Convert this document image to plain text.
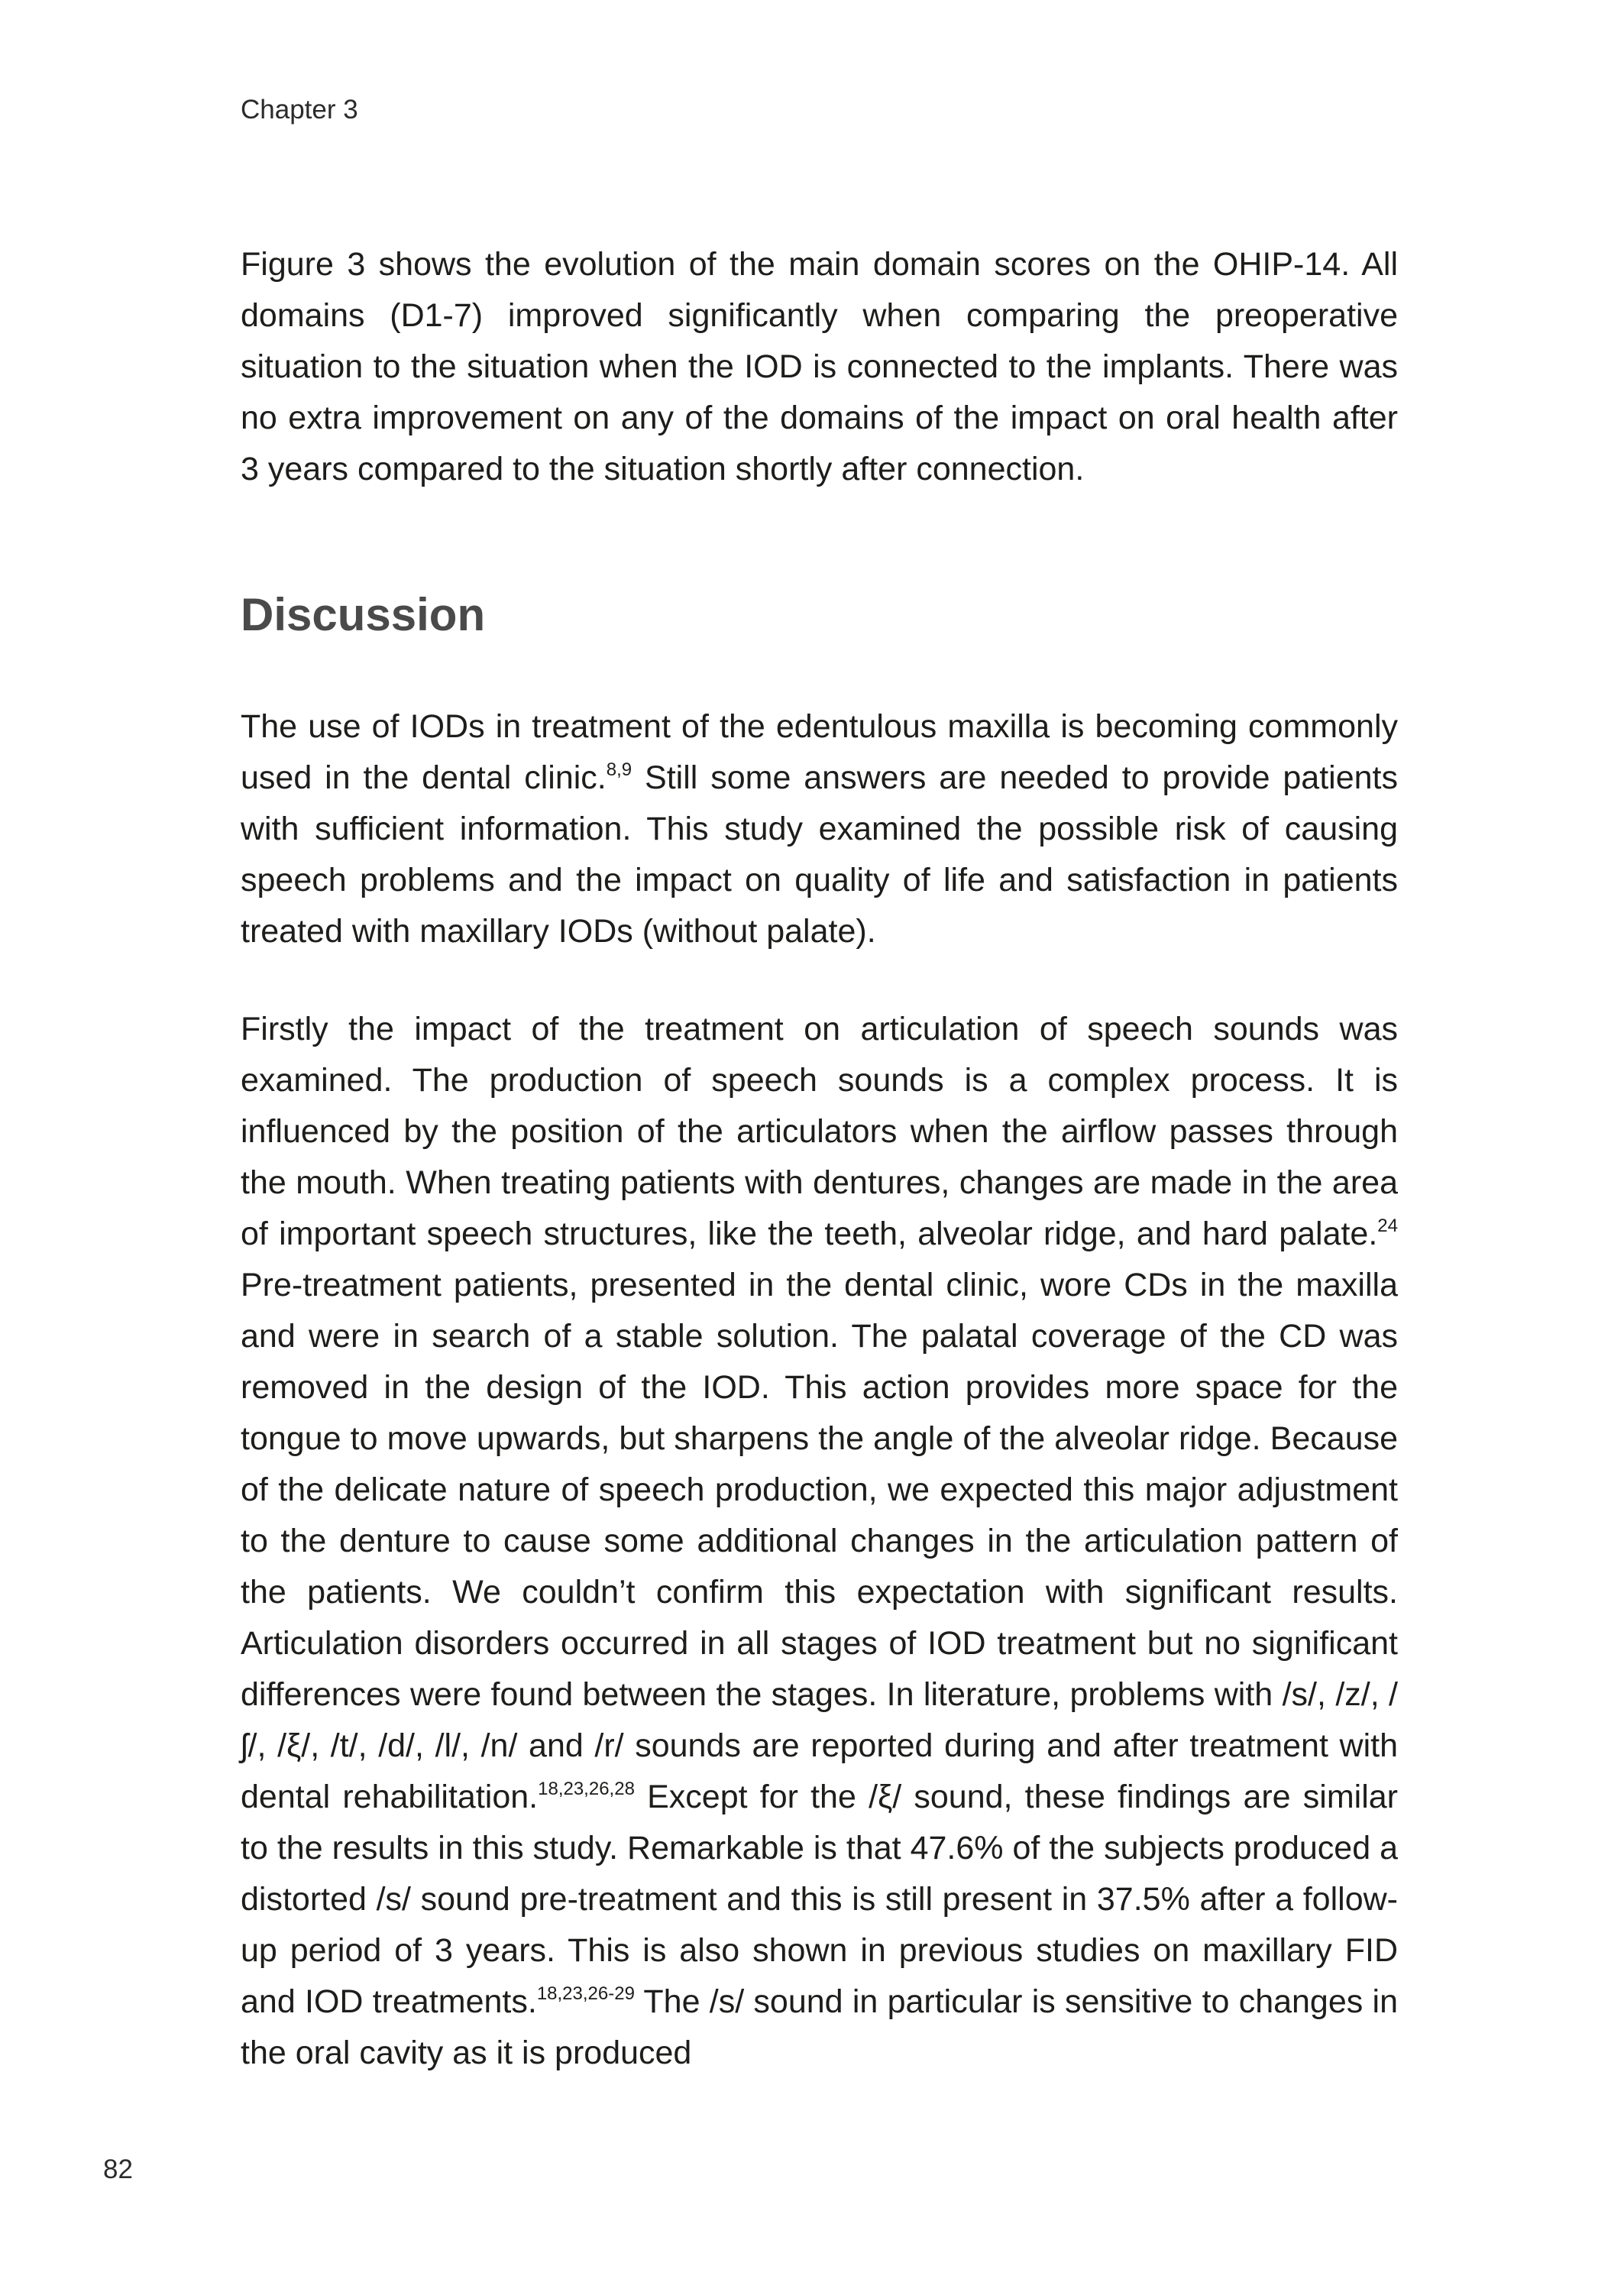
Chapter 3

Figure 3 shows the evolution of the main domain scores on the OHIP-14. All domains (D1-7) improved significantly when comparing the preoperative situation to the situation when the IOD is connected to the implants. There was no extra improvement on any of the domains of the impact on oral health after 3 years compared to the situation shortly after connection.

Discussion

The use of IODs in treatment of the edentulous maxilla is becoming commonly used in the dental clinic.$^{8,9}$ Still some answers are needed to provide patients with sufficient information. This study examined the possible risk of causing speech problems and the impact on quality of life and satisfaction in patients treated with maxillary IODs (without palate).

Firstly the impact of the treatment on articulation of speech sounds was examined. The production of speech sounds is a complex process. It is influenced by the position of the articulators when the airflow passes through the mouth. When treating patients with dentures, changes are made in the area of important speech structures, like the teeth, alveolar ridge, and hard palate.$^{24}$ Pre-treatment patients, presented in the dental clinic, wore CDs in the maxilla and were in search of a stable solution. The palatal coverage of the CD was removed in the design of the IOD. This action provides more space for the tongue to move upwards, but sharpens the angle of the alveolar ridge. Because of the delicate nature of speech production, we expected this major adjustment to the denture to cause some additional changes in the articulation pattern of the patients. We couldn’t confirm this expectation with significant results. Articulation disorders occurred in all stages of IOD treatment but no significant differences were found between the stages. In literature, problems with /s/, /z/, /ʃ/, /ξ/, /t/, /d/, /l/, /n/ and /r/ sounds are reported during and after treatment with dental rehabilitation.$^{18,23,26,28}$ Except for the /ξ/ sound, these findings are similar to the results in this study. Remarkable is that 47.6% of the subjects produced a distorted /s/ sound pre-treatment and this is still present in 37.5% after a follow-up period of 3 years. This is also shown in previous studies on maxillary FID and IOD treatments.$^{18,23,26-29}$ The /s/ sound in particular is sensitive to changes in the oral cavity as it is produced

82
